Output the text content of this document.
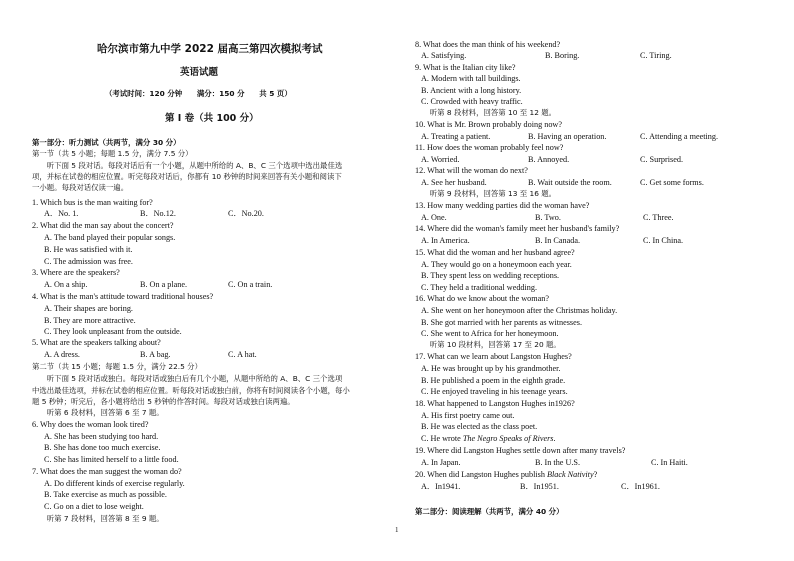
哈尔滨市第九中学 2022 届高三第四次模拟考试
英语试题
（考试时间：120 分钟　　满分：150 分　　共 5 页）
第 I 卷（共 100 分）
第一部分：听力测试（共两节，满分 30 分）
第一节（共 5 小题；每题 1.5 分，满分 7.5 分）
　　听下面 5 段对话。每段对话后有一个小题，从题中所给的 A、B、C 三个选项中选出最佳选
项，并标在试卷的相应位置。听完每段对话后，你都有 10 秒钟的时间来回答有关小题和阅读下
一小题。每段对话仅读一遍。
1. Which bus is the man waiting for?
A．No. 1.	B．No.12.	C．No.20.
2. What did the man say about the concert?
A. The band played their popular songs.
B. He was satisfied with it.
C. The admission was free.
3. Where are the speakers?
A. On a ship.	B. On a plane.	C. On a train.
4. What is the man's attitude toward traditional houses?
A. Their shapes are boring.
B. They are more attractive.
C. They look unpleasant from the outside.
5. What are the speakers talking about?
A. A dress.	B. A bag.	C. A hat.
第二节（共 15 小题；每题 1.5 分，满分 22.5 分）
　　听下面 5 段对话或独白。每段对话或独白后有几个小题，从题中所给的 A、B、C 三个选项
中选出最佳选项，并标在试卷的相应位置。听每段对话或独白前，你将有时间阅读各个小题，每小
题 5 秒钟；听完后，各小题将给出 5 秒钟的作答时间。每段对话或独白读两遍。
　　听第 6 段材料，回答第 6 至 7 题。
6. Why does the woman look tired?
A. She has been studying too hard.
B. She has done too much exercise.
C. She has limited herself to a little food.
7. What does the man suggest the woman do?
A. Do different kinds of exercise regularly.
B. Take exercise as much as possible.
C. Go on a diet to lose weight.
　　听第 7 段材料，回答第 8 至 9 题。
8. What does the man think of his weekend?
A. Satisfying.	B. Boring.	C. Tiring.
9. What is the Italian city like?
A. Modern with tall buildings.
B. Ancient with a long history.
C. Crowded with heavy traffic.
　　听第 8 段材料，回答第 10 至 12 题。
10. What is Mr. Brown probably doing now?
A. Treating a patient.	B. Having an operation.	C. Attending a meeting.
11. How does the woman probably feel now?
A. Worried.	B. Annoyed.	C. Surprised.
12. What will the woman do next?
A. See her husband.	B. Wait outside the room.	C. Get some forms.
　　听第 9 段材料，回答第 13 至 16 题。
13. How many wedding parties did the woman have?
A. One.	B. Two.	C. Three.
14. Where did the woman's family meet her husband's family?
A. In America.	B. In Canada.	C. In China.
15. What did the woman and her husband agree?
A. They would go on a honeymoon each year.
B. They spent less on wedding receptions.
C. They held a traditional wedding.
16. What do we know about the woman?
A. She went on her honeymoon after the Christmas holiday.
B. She got married with her parents as witnesses.
C. She went to Africa for her honeymoon.
　　听第 10 段材料，回答第 17 至 20 题。
17. What can we learn about Langston Hughes?
A. He was brought up by his grandmother.
B. He published a poem in the eighth grade.
C. He enjoyed traveling in his teenage years.
18. What happened to Langston Hughes in1926?
A. His first poetry came out.
B. He was elected as the class poet.
C. He wrote The Negro Speaks of Rivers.
19. Where did Langston Hughes settle down after many travels?
A. In Japan.	B. In the U.S.	C. In Haiti.
20. When did Langston Hughes publish Black Nativity?
A．In1941.	B．In1951.	C．In1961.
第二部分：阅读理解（共两节，满分 40 分）
1
